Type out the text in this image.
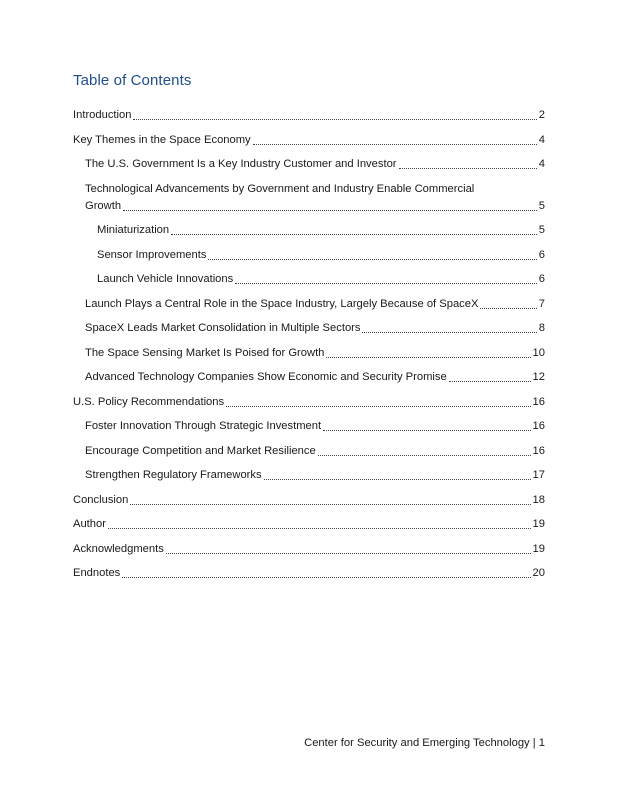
Table of Contents
Introduction	2
Key Themes in the Space Economy	4
The U.S. Government Is a Key Industry Customer and Investor	4
Technological Advancements by Government and Industry Enable Commercial
Growth	5
Miniaturization	5
Sensor Improvements	6
Launch Vehicle Innovations	6
Launch Plays a Central Role in the Space Industry, Largely Because of SpaceX	7
SpaceX Leads Market Consolidation in Multiple Sectors	8
The Space Sensing Market Is Poised for Growth	10
Advanced Technology Companies Show Economic and Security Promise	12
U.S. Policy Recommendations	16
Foster Innovation Through Strategic Investment	16
Encourage Competition and Market Resilience	16
Strengthen Regulatory Frameworks	17
Conclusion	18
Author	19
Acknowledgments	19
Endnotes	20
Center for Security and Emerging Technology | 1
